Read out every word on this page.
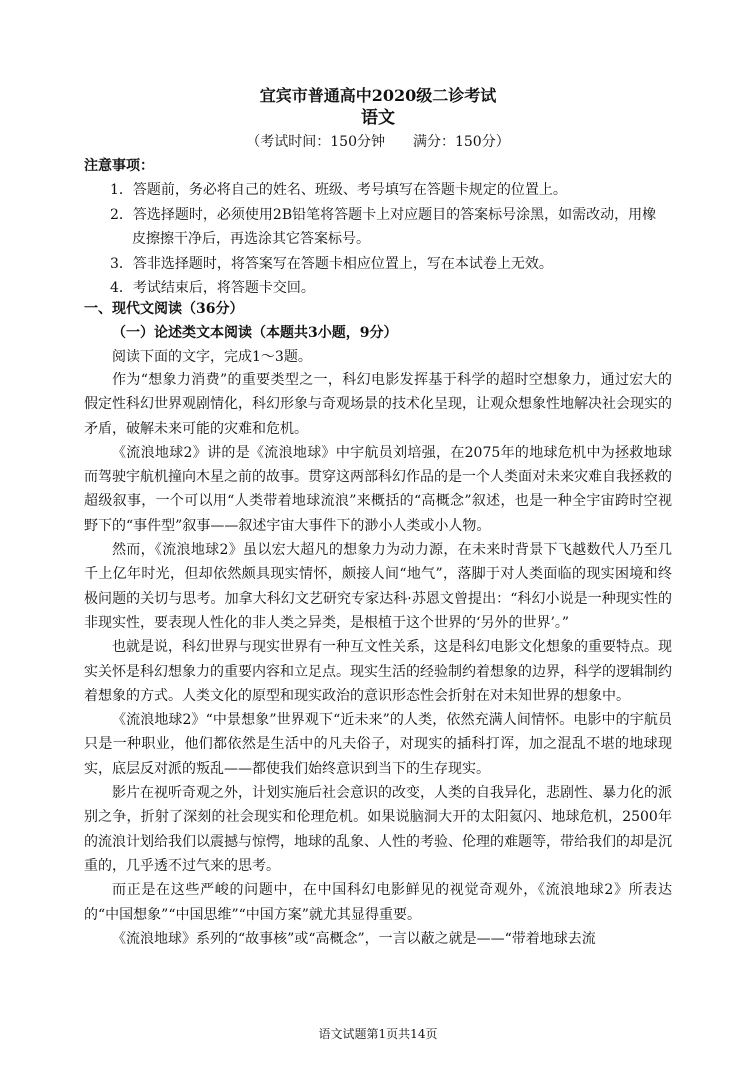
宜宾市普通高中2020级二诊考试
语文
（考试时间：150分钟　　满分：150分）
注意事项：
1．答题前，务必将自己的姓名、班级、考号填写在答题卡规定的位置上。
2．答选择题时，必须使用2B铅笔将答题卡上对应题目的答案标号涂黑，如需改动，用橡皮擦擦干净后，再选涂其它答案标号。
3．答非选择题时，将答案写在答题卡相应位置上，写在本试卷上无效。
4．考试结束后，将答题卡交回。
一、现代文阅读（36分）
（一）论述类文本阅读（本题共3小题，9分）
阅读下面的文字，完成1～3题。

作为“想象力消费”的重要类型之一，科幻电影发挥基于科学的超时空想象力，通过宏大的假定性科幻世界观剧情化，科幻形象与奇观场景的技术化呈现，让观众想象性地解决社会现实的矛盾，破解未来可能的灾难和危机。

《流浪地球2》讲的是《流浪地球》中宇航员刘培强，在2075年的地球危机中为拯救地球而驾驶宇航机撞向木星之前的故事。贯穿这两部科幻作品的是一个人类面对未来灾难自我拯救的超级叙事，一个可以用“人类带着地球流浪”来概括的“高概念”叙述，也是一种全宇宙跨时空视野下的“事件型”叙事——叙述宇宙大事件下的渺小人类或小人物。

然而，《流浪地球2》虽以宏大超凡的想象力为动力源，在未来时背景下飞越数代人乃至几千上亿年时光，但却依然颇具现实情怀，颇接人间“地气”，落脚于对人类面临的现实困境和终极问题的关切与思考。加拿大科幻文艺研究专家达科·苏恩文曾提出：“科幻小说是一种现实性的非现实性，要表现人性化的非人类之异类，是根植于这个世界的‘另外的世界’。”

也就是说，科幻世界与现实世界有一种互文性关系，这是科幻电影文化想象的重要特点。现实关怀是科幻想象力的重要内容和立足点。现实生活的经验制约着想象的边界，科学的逻辑制约着想象的方式。人类文化的原型和现实政治的意识形态性会折射在对未知世界的想象中。

《流浪地球2》“中景想象”世界观下“近未来”的人类，依然充满人间情怀。电影中的宇航员只是一种职业，他们都依然是生活中的凡夫俗子，对现实的插科打诨，加之混乱不堪的地球现实，底层反对派的叛乱——都使我们始终意识到当下的生存现实。

影片在视听奇观之外，计划实施后社会意识的改变，人类的自我异化，悲剧性、暴力化的派别之争，折射了深刻的社会现实和伦理危机。如果说脑洞大开的太阳氦闪、地球危机，2500年的流浪计划给我们以震撼与惊愕，地球的乱象、人性的考验、伦理的难题等，带给我们的却是沉重的，几乎透不过气来的思考。

而正是在这些严峻的问题中，在中国科幻电影鲜见的视觉奇观外，《流浪地球2》所表达的“中国想象”“中国思维”“中国方案”就尤其显得重要。

《流浪地球》系列的“故事核”或“高概念”，一言以蔽之就是——“带着地球去流

语文试题第1页共14页
